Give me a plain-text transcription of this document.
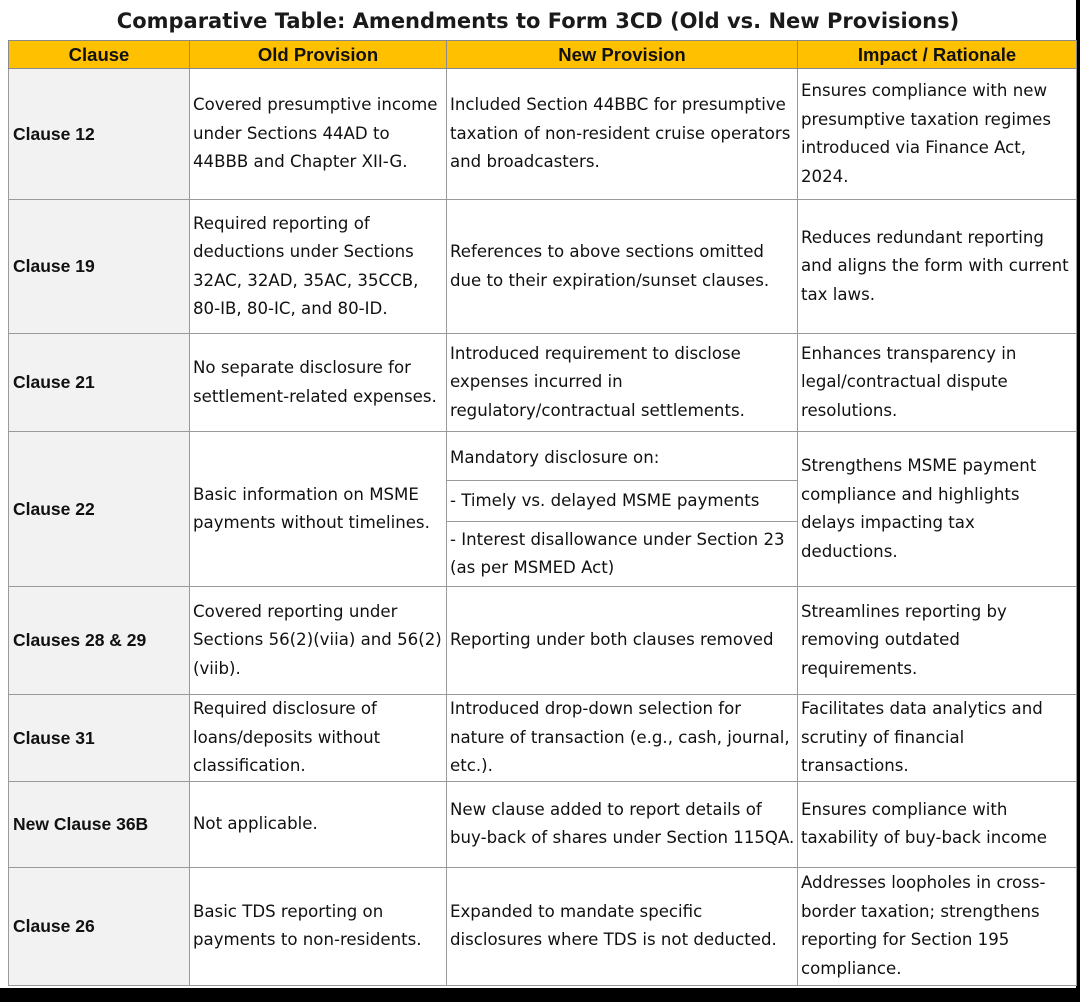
Comparative Table: Amendments to Form 3CD (Old vs. New Provisions)
Clause	Old Provision	New Provision	Impact / Rationale
Clause 12	Covered presumptive income under Sections 44AD to 44BBB and Chapter XII-G.	Included Section 44BBC for presumptive taxation of non-resident cruise operators and broadcasters.	Ensures compliance with new presumptive taxation regimes introduced via Finance Act, 2024.
Clause 19	Required reporting of deductions under Sections 32AC, 32AD, 35AC, 35CCB, 80-IB, 80-IC, and 80-ID.	References to above sections omitted due to their expiration/sunset clauses.	Reduces redundant reporting and aligns the form with current tax laws.
Clause 21	No separate disclosure for settlement-related expenses.	Introduced requirement to disclose expenses incurred in regulatory/contractual settlements.	Enhances transparency in legal/contractual dispute resolutions.
Clause 22	Basic information on MSME payments without timelines.	Mandatory disclosure on:
- Timely vs. delayed MSME payments
- Interest disallowance under Section 23 (as per MSMED Act)	Strengthens MSME payment compliance and highlights delays impacting tax deductions.
Clauses 28 & 29	Covered reporting under Sections 56(2)(viia) and 56(2)(viib).	Reporting under both clauses removed	Streamlines reporting by removing outdated requirements.
Clause 31	Required disclosure of loans/deposits without classification.	Introduced drop-down selection for nature of transaction (e.g., cash, journal, etc.).	Facilitates data analytics and scrutiny of financial transactions.
New Clause 36B	Not applicable.	New clause added to report details of buy-back of shares under Section 115QA.	Ensures compliance with taxability of buy-back income
Clause 26	Basic TDS reporting on payments to non-residents.	Expanded to mandate specific disclosures where TDS is not deducted.	Addresses loopholes in cross-border taxation; strengthens reporting for Section 195 compliance.
